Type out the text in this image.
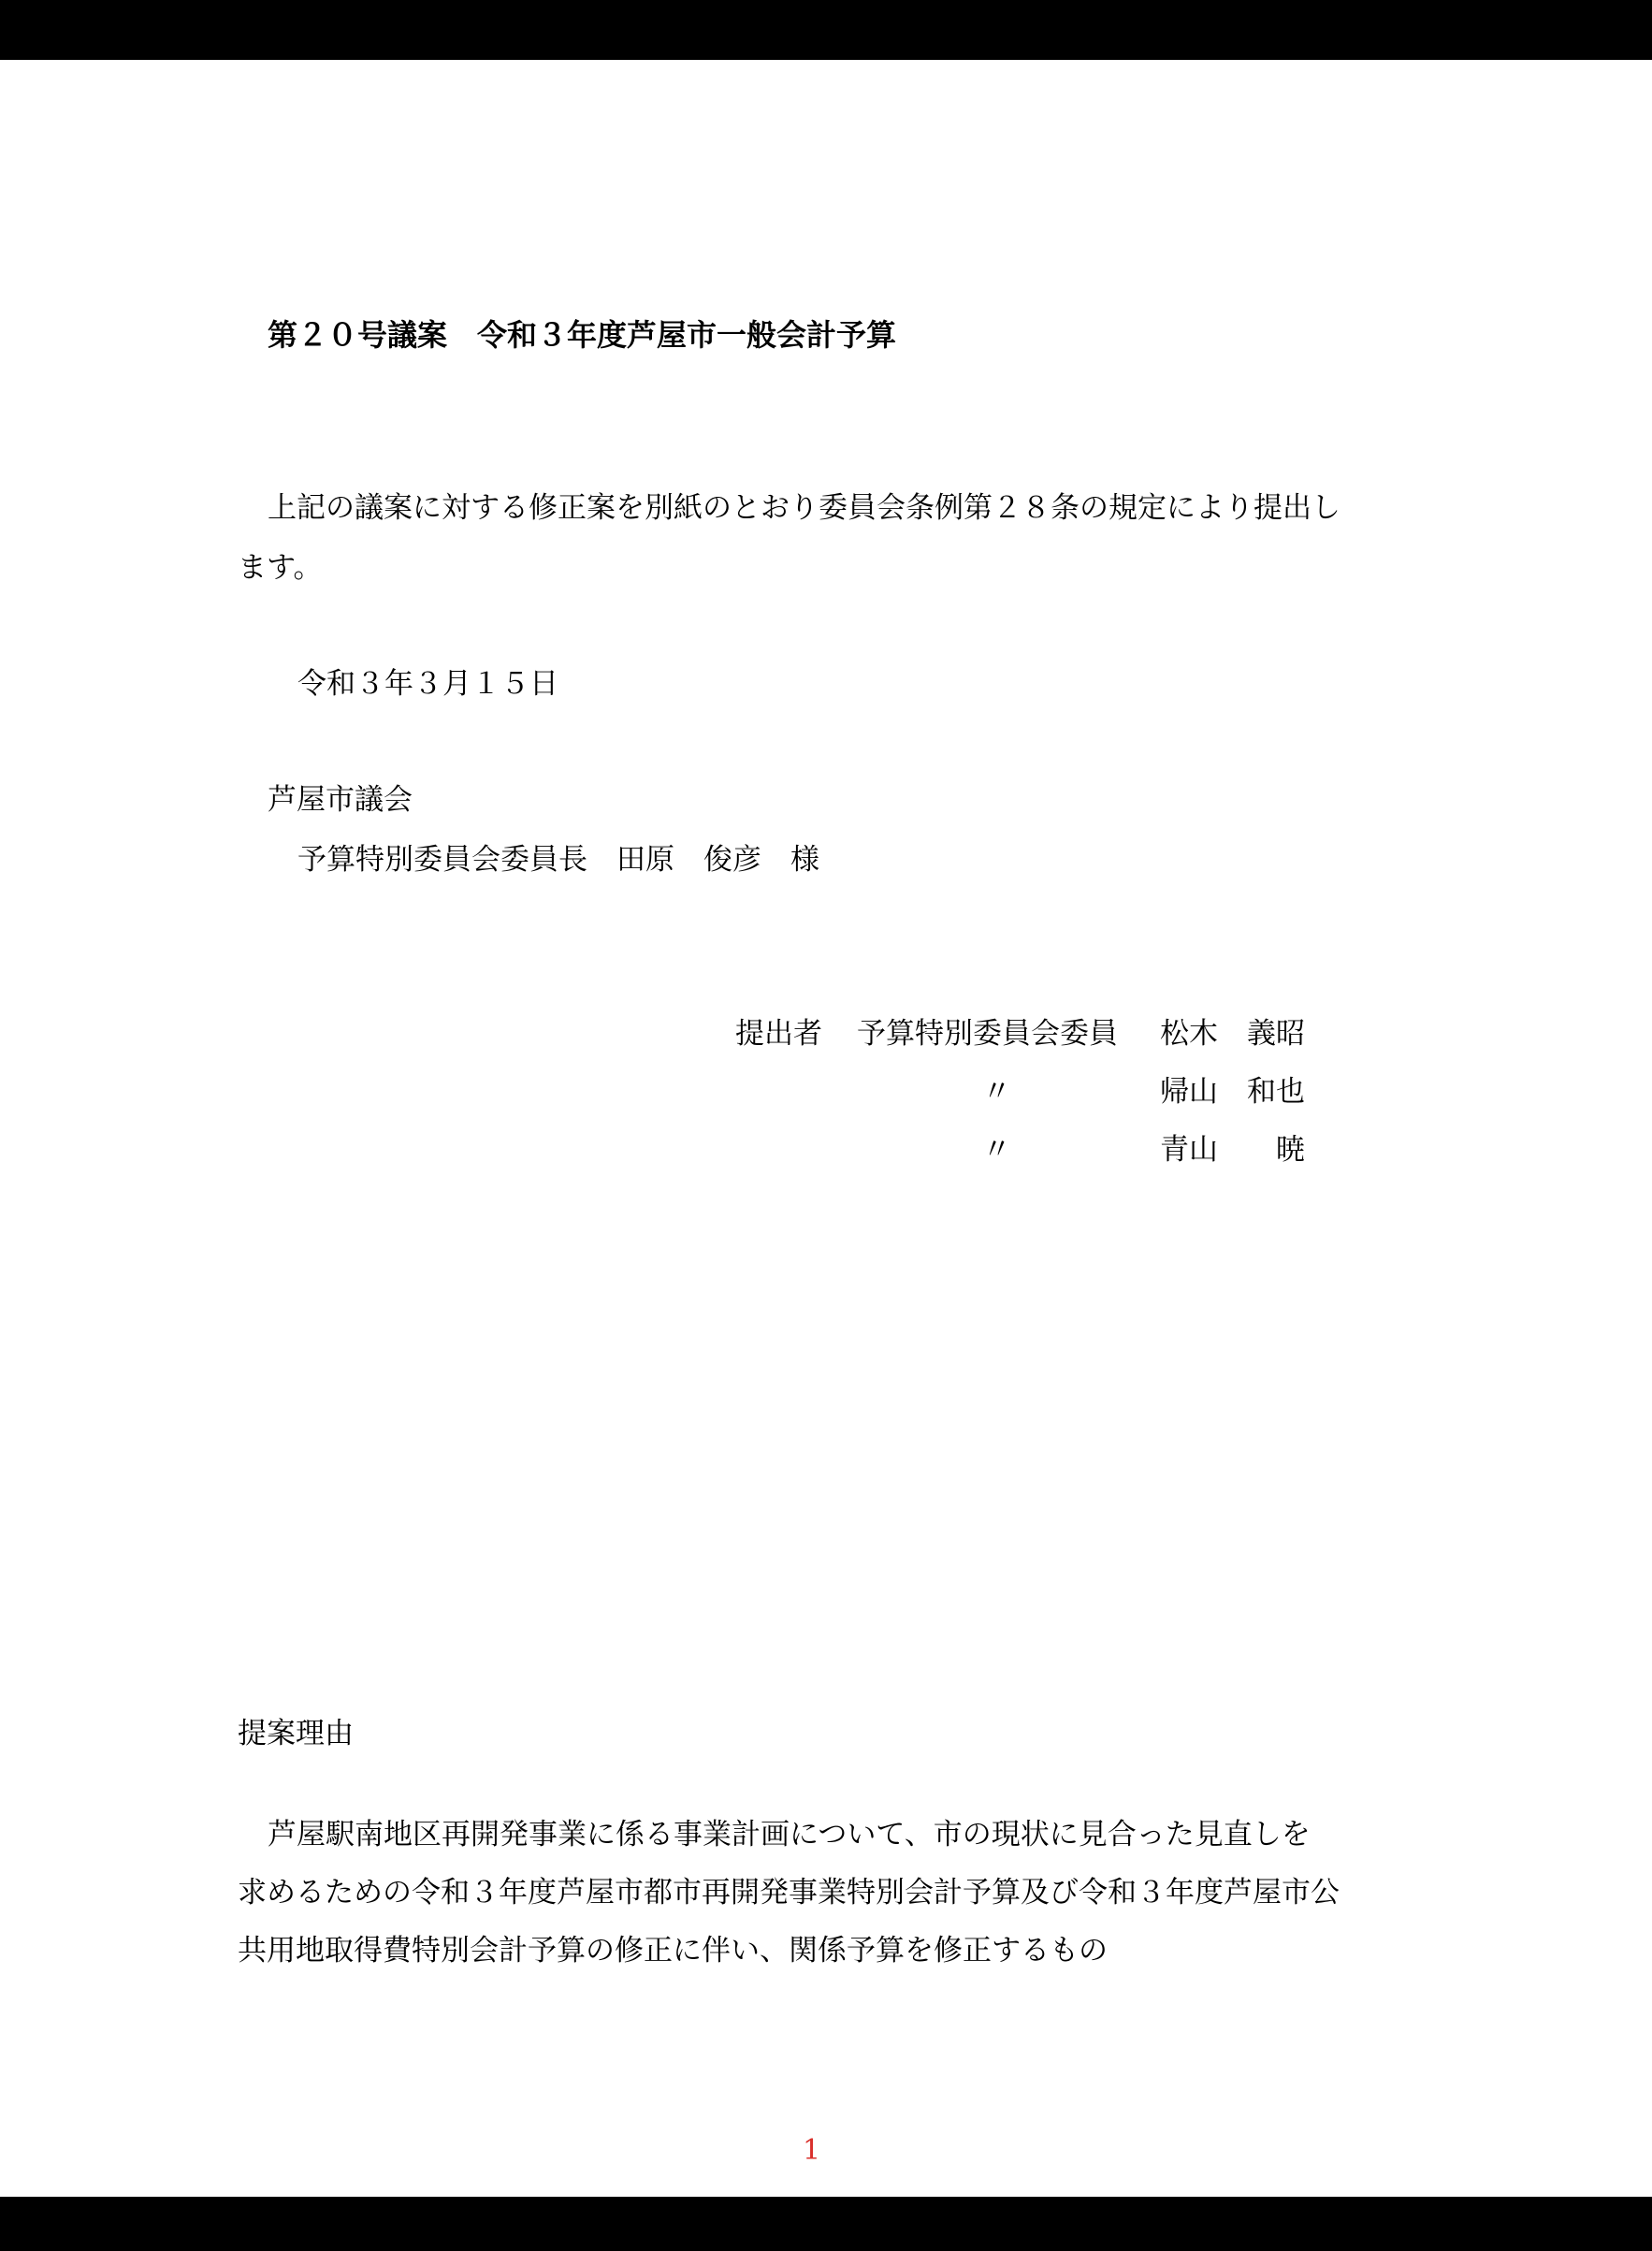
第２０号議案　令和３年度芦屋市一般会計予算
上記の議案に対する修正案を別紙のとおり委員会条例第２８条の規定により提出し
ます。
令和３年３月１５日
芦屋市議会
予算特別委員会委員長　田原　俊彦　様
提出者 予算特別委員会委員 松木　義昭
〃	帰山　和也
〃	青山　　暁
提案理由
芦屋駅南地区再開発事業に係る事業計画について、市の現状に見合った見直しを
求めるための令和３年度芦屋市都市再開発事業特別会計予算及び令和３年度芦屋市公
共用地取得費特別会計予算の修正に伴い、関係予算を修正するもの
1
